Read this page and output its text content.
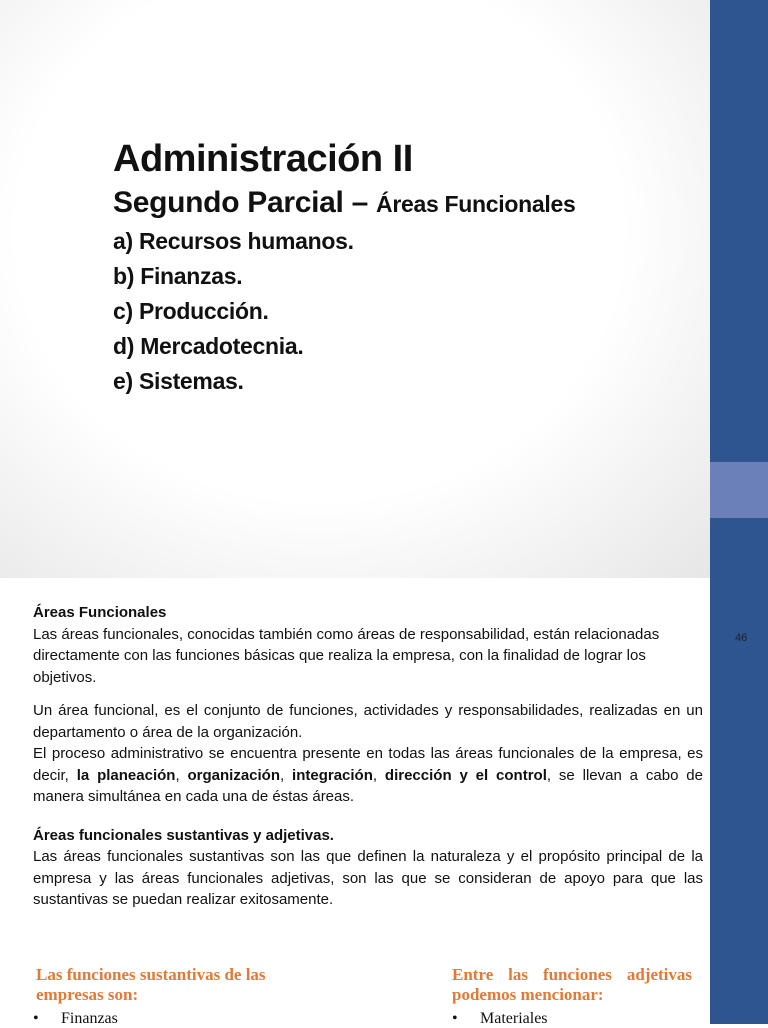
46
Administración II
Segundo Parcial – Áreas Funcionales
a) Recursos humanos.
b) Finanzas.
c) Producción.
d) Mercadotecnia.
e) Sistemas.

Áreas Funcionales

Las áreas funcionales, conocidas también como áreas de responsabilidad, están relacionadas directamente con las funciones básicas que realiza la empresa, con la finalidad de lograr los objetivos.

Un área funcional, es el conjunto de funciones, actividades y responsabilidades, realizadas en un departamento o área de la organización.

El proceso administrativo se encuentra presente en todas las áreas funcionales de la empresa, es decir, la planeación, organización, integración, dirección y el control, se llevan a cabo de manera simultánea en cada una de éstas áreas.

Áreas funcionales sustantivas y adjetivas.

Las áreas funcionales sustantivas son las que definen la naturaleza y el propósito principal de la empresa y las áreas funcionales adjetivas, son las que se consideran de apoyo para que las sustantivas se puedan realizar exitosamente.

Las funciones sustantivas de las empresas son:
Entre las funciones adjetivas podemos mencionar:
• Finanzas	• Materiales
